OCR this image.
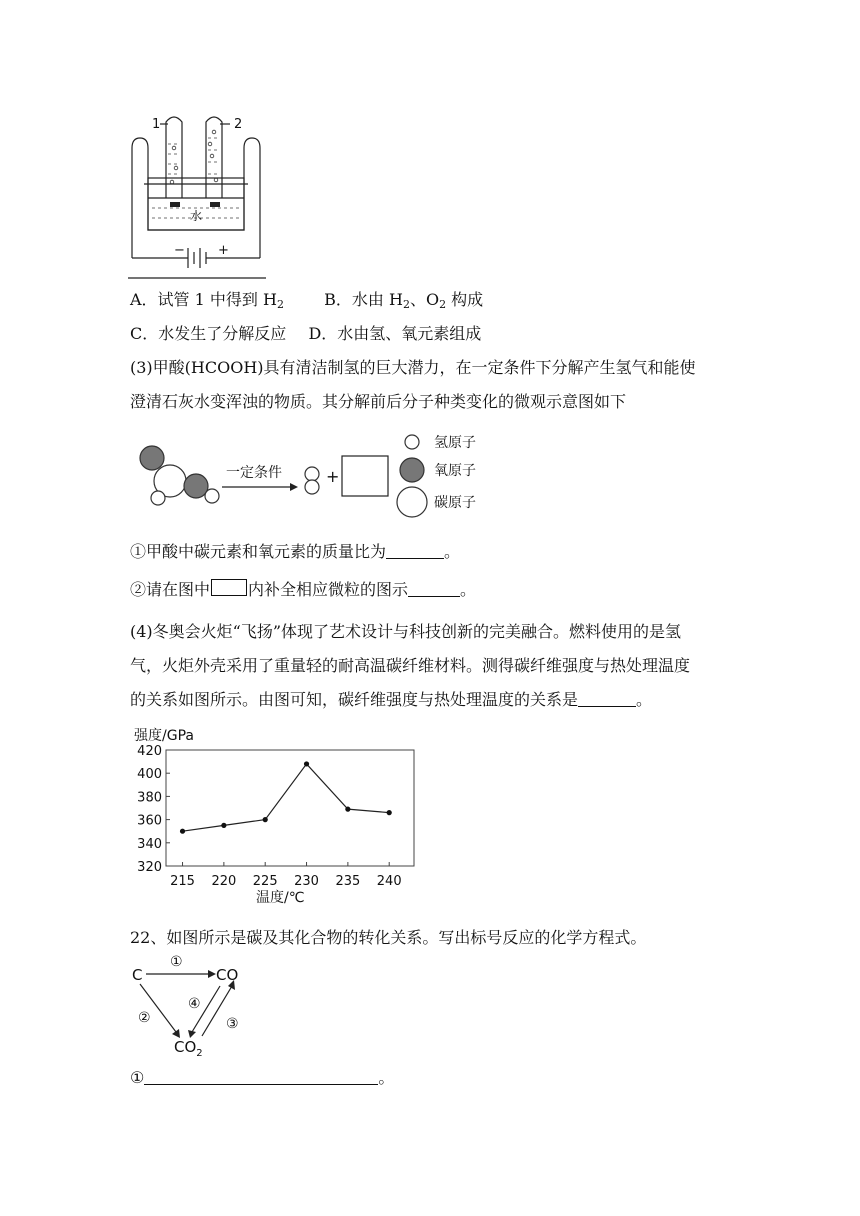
1	2
水
−	+
A．试管 1 中得到 $H_2$	B．水由 $H_2$、$O_2$ 构成
C．水发生了分解反应 D．水由氢、氧元素组成
(3)甲酸(HCOOH)具有清洁制氢的巨大潜力，在一定条件下分解产生氢气和能使
澄清石灰水变浑浊的物质。其分解前后分子种类变化的微观示意图如下
一定条件	+
氢原子
氧原子
碳原子
①甲酸中碳元素和氧元素的质量比为	。
②请在图中 内补全相应微粒的图示	。
(4)冬奥会火炬“飞扬”体现了艺术设计与科技创新的完美融合。燃料使用的是氢
气，火炬外壳采用了重量轻的耐高温碳纤维材料。测得碳纤维强度与热处理温度
的关系如图所示。由图可知，碳纤维强度与热处理温度的关系是	。
强度/GPa
320
340
360
380
400
420
215 220 225 230 235 240
温度/℃
22、如图所示是碳及其化合物的转化关系。写出标号反应的化学方程式。
C	CO
$CO_2$
①
②
④
③
①	。
